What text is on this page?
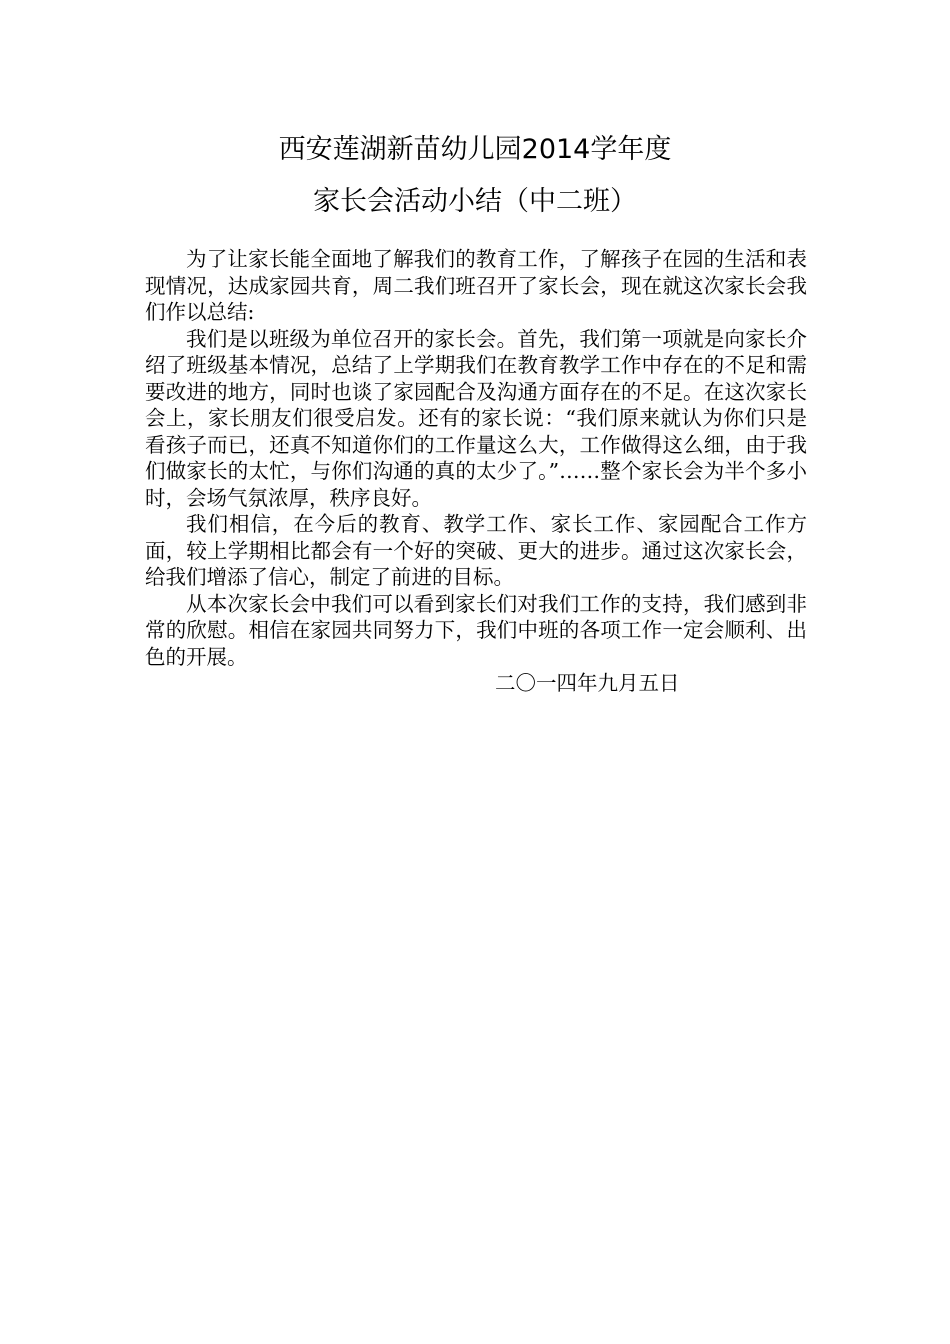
西安莲湖新苗幼儿园2014学年度
家长会活动小结（中二班）

为了让家长能全面地了解我们的教育工作，了解孩子在园的生活和表现情况，达成家园共育，周二我们班召开了家长会，现在就这次家长会我们作以总结:

我们是以班级为单位召开的家长会。首先，我们第一项就是向家长介绍了班级基本情况，总结了上学期我们在教育教学工作中存在的不足和需要改进的地方，同时也谈了家园配合及沟通方面存在的不足。在这次家长会上，家长朋友们很受启发。还有的家长说：“我们原来就认为你们只是看孩子而已，还真不知道你们的工作量这么大，工作做得这么细，由于我们做家长的太忙，与你们沟通的真的太少了。”……整个家长会为半个多小时，会场气氛浓厚，秩序良好。

我们相信，在今后的教育、教学工作、家长工作、家园配合工作方面，较上学期相比都会有一个好的突破、更大的进步。通过这次家长会，给我们增添了信心，制定了前进的目标。

从本次家长会中我们可以看到家长们对我们工作的支持，我们感到非常的欣慰。相信在家园共同努力下，我们中班的各项工作一定会顺利、出色的开展。

二〇一四年九月五日
